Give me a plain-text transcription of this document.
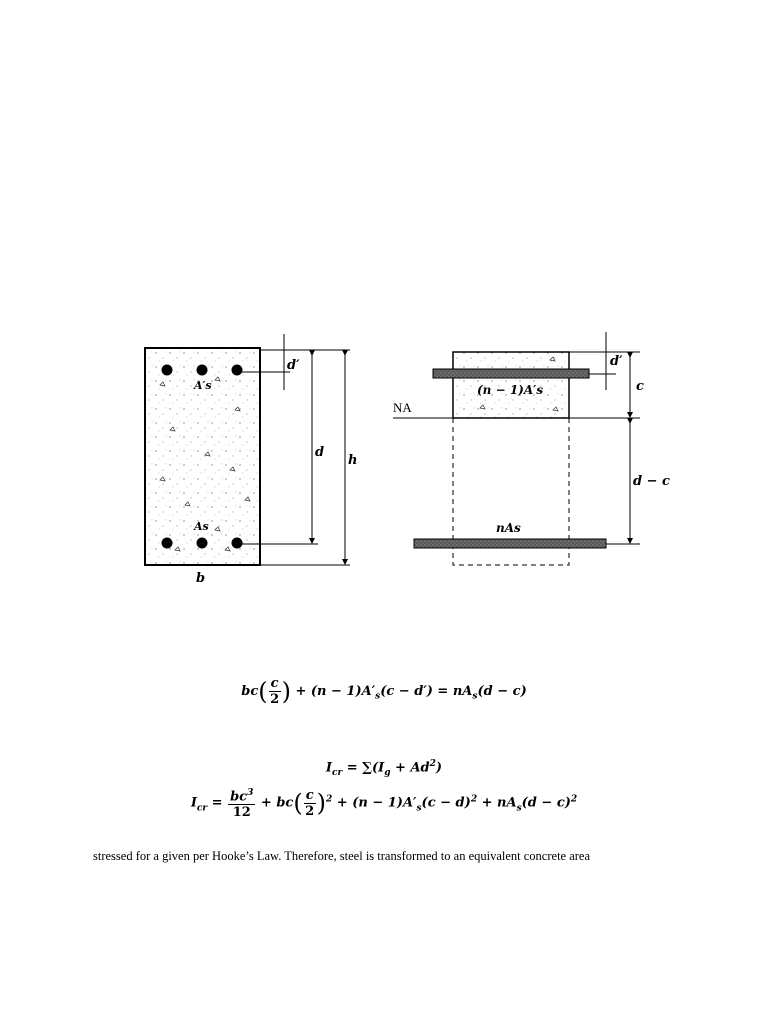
d′
d
h
b
A′s
As
d′
c
d − c
NA
(n − 1)A′s
nAs
$bc( \frac{c}{2}$ ) + $(n - 1)A'_s(c - d') = nA_s(d - c)$
$I_{cr} = \sum(I_g + Ad^2)$
$I_{cr} = \frac{bc^3}{12} + bc( \frac{c}{2} )^2 + (n - 1)A'_s(c - d)^2 + nA_s(d - c)^2$
stressed for a given per Hooke’s Law. Therefore, steel is transformed to an equivalent concrete area
